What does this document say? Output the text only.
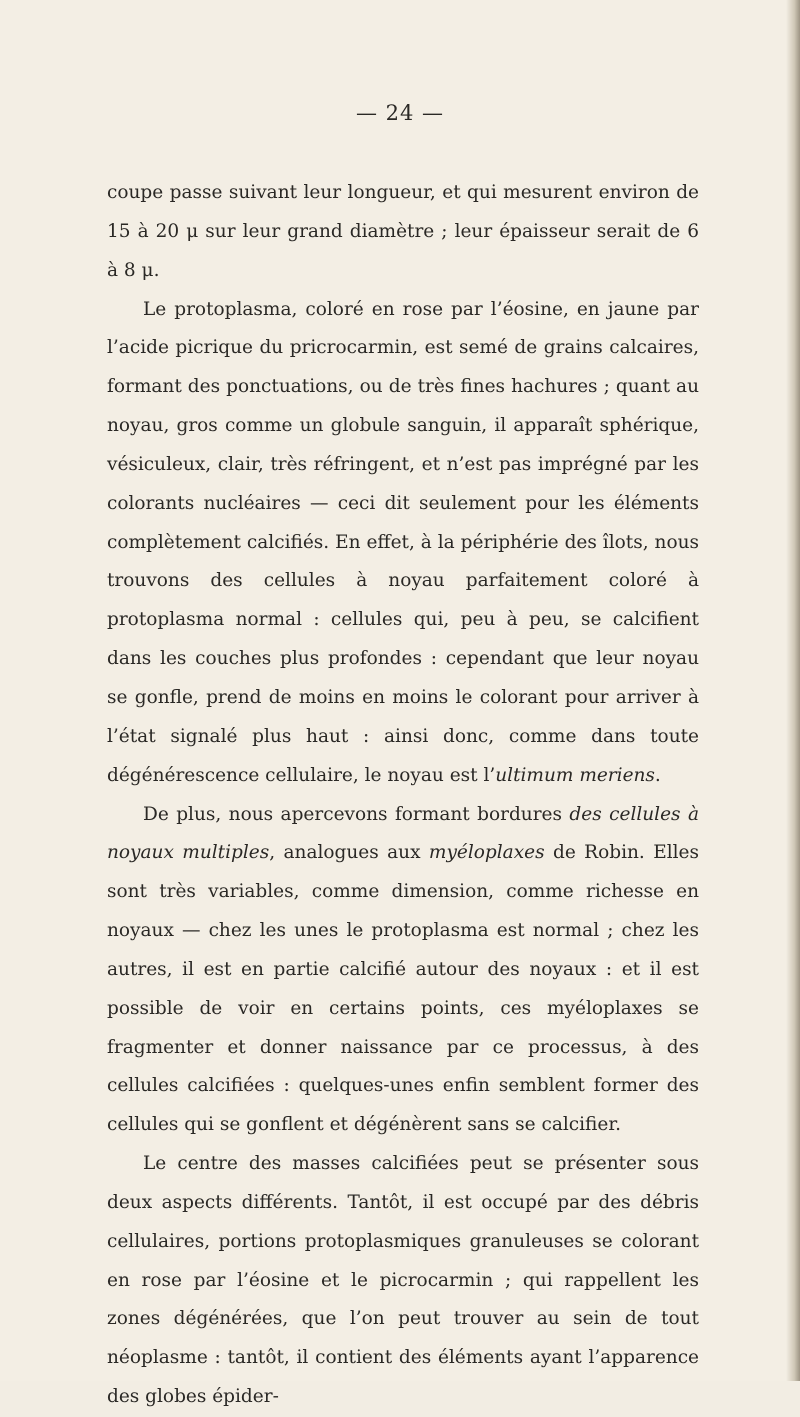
— 24 —

coupe passe suivant leur longueur, et qui mesurent environ de 15 à 20 μ sur leur grand diamètre ; leur épaisseur serait de 6 à 8 μ.

Le protoplasma, coloré en rose par l’éosine, en jaune par l’acide picrique du pricrocarmin, est semé de grains calcaires, formant des ponctuations, ou de très fines hachures ; quant au noyau, gros comme un globule sanguin, il apparaît sphérique, vésiculeux, clair, très réfringent, et n’est pas imprégné par les colorants nucléaires — ceci dit seulement pour les éléments complètement calcifiés. En effet, à la périphérie des îlots, nous trouvons des cellules à noyau parfaitement coloré à protoplasma normal : cellules qui, peu à peu, se calcifient dans les couches plus profondes : cependant que leur noyau se gonfle, prend de moins en moins le colorant pour arriver à l’état signalé plus haut : ainsi donc, comme dans toute dégénérescence cellulaire, le noyau est l’ultimum meriens.

De plus, nous apercevons formant bordures des cellules à noyaux multiples, analogues aux myéloplaxes de Robin. Elles sont très variables, comme dimension, comme richesse en noyaux — chez les unes le protoplasma est normal ; chez les autres, il est en partie calcifié autour des noyaux : et il est possible de voir en certains points, ces myéloplaxes se fragmenter et donner naissance par ce processus, à des cellules calcifiées : quelques-unes enfin semblent former des cellules qui se gonflent et dégénèrent sans se calcifier.

Le centre des masses calcifiées peut se présenter sous deux aspects différents. Tantôt, il est occupé par des débris cellulaires, portions protoplasmiques granuleuses se colorant en rose par l’éosine et le picrocarmin ; qui rappellent les zones dégénérées, que l’on peut trouver au sein de tout néoplasme : tantôt, il contient des éléments ayant l’apparence des globes épider-
